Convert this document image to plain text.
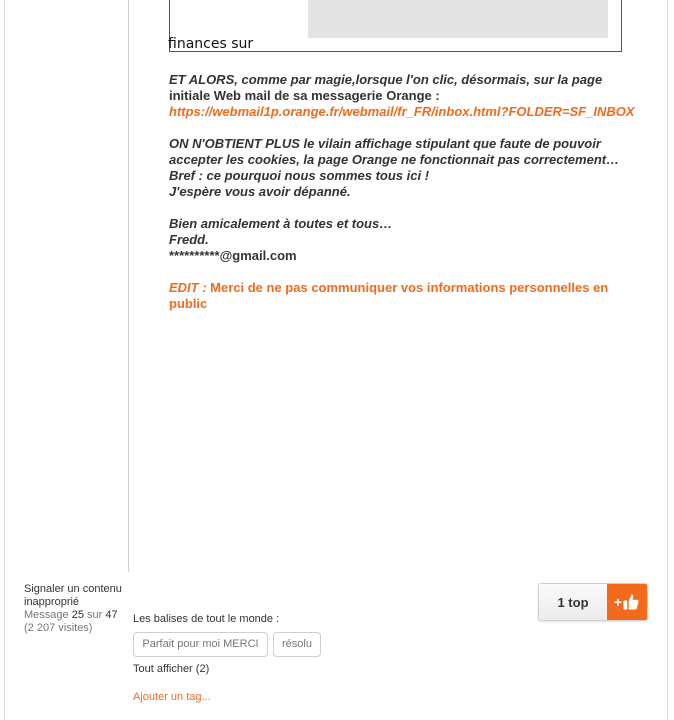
finances sur

ET ALORS, comme par magie,lorsque l'on clic, désormais, sur la page

initiale Web mail de sa messagerie Orange :

https://webmail1p.orange.fr/webmail/fr_FR/inbox.html?FOLDER=SF_INBOX

ON N'OBTIENT PLUS le vilain affichage stipulant que faute de pouvoir

accepter les cookies, la page Orange ne fonctionnait pas correctement…

Bref : ce pourquoi nous sommes tous ici !

J'espère vous avoir dépanné.

Bien amicalement à toutes et tous…

Fredd.

**********@gmail.com

EDIT : Merci de ne pas communiquer vos informations personnelles en

public

Signaler un contenu inapproprié
Message 25 sur 47
(2 207 visites)
Les balises de tout le monde :
Parfait pour moi MERCI	résolu
Tout afficher (2)
Ajouter un tag...
1 top	+
